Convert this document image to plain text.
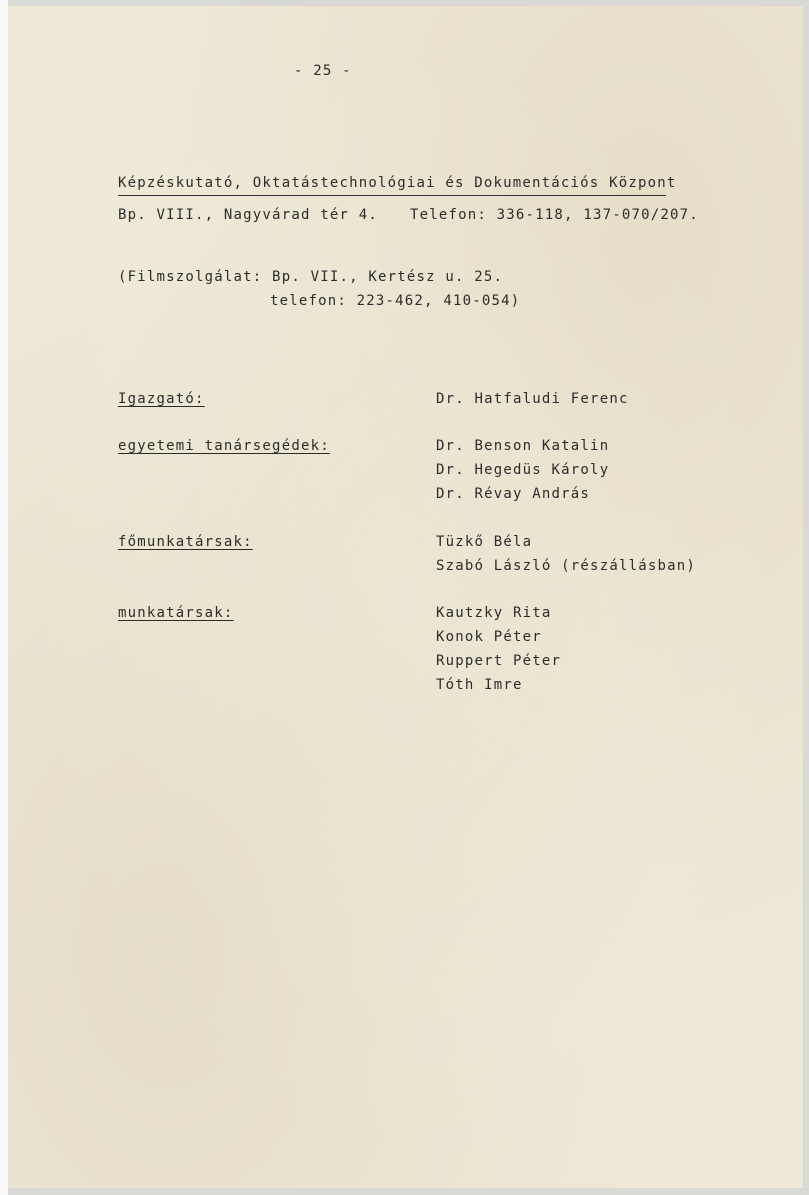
- 25 -
Képzéskutató, Oktatástechnológiai és Dokumentációs Központ
Bp. VIII., Nagyvárad tér 4. Telefon: 336-118, 137-070/207.
(Filmszolgálat: Bp. VII., Kertész u. 25.
telefon: 223-462, 410-054)
Igazgató:	Dr. Hatfaludi Ferenc
egyetemi tanársegédek:	Dr. Benson Katalin
Dr. Hegedüs Károly
Dr. Révay András
főmunkatársak:	Tüzkő Béla
Szabó László (részállásban)
munkatársak:	Kautzky Rita
Konok Péter
Ruppert Péter
Tóth Imre
